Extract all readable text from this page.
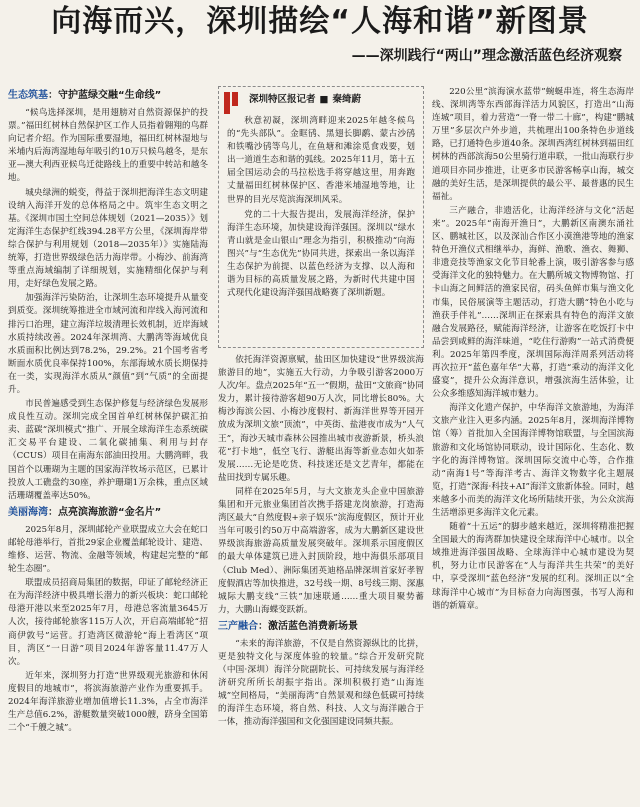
向海而兴，深圳描绘“人海和谐”新图景
——深圳践行“两山”理念激活蓝色经济观察
深圳特区报记者 ■ 秦绮蔚

秋意初凝，深圳湾畔迎来2025年越冬候鸟的“先头部队”。金眶鸻、黑翅长脚鹬、蒙古沙鸻和铁嘴沙鸻等鸟儿，在鱼塘和滩涂觅食戏要，划出一道道生态和谐的弧线。2025年11月，第十五届全国运动会的马拉松选手将穿越这里，用奔跑丈量福田红树林保护区、香港米埔湿地等地，让世界的目光尽览滨海深圳风采。

党的二十大报告提出，发展海洋经济，保护海洋生态环境，加快建设海洋强国。深圳以“绿水青山就是金山银山”理念为指引，积极推动“向海图兴”与“生态优先”协同共进，探索出一条以海洋生态保护为前提、以蓝色经济为支撑、以人海和谐为目标的高质量发展之路，为新时代共建中国式现代化建设海洋强国战略赛了深圳新题。

生态筑基：守护蓝绿交融“生命线”

“候鸟选择深圳，是用翅膀对自然资源保护的投票。”福田红树林自然保护区工作人员指着翱翔的鸟群向记者介绍。作为国际重要湿地，福田红树林湿地与米埔内后海湾湿地每年吸引约10万只候鸟越冬，是东亚—澳大利西亚候鸟迁徙路线上的重要中转站和越冬地。

城央绿洲的蜕变，得益于深圳把海洋生态文明建设纳入海洋开发的总体格局之中。筑牢生态文明之基。《深圳市国土空间总体规划（2021—2035）》划定海洋生态保护红线394.28平方公里，《深圳海岸带综合保护与利用规划（2018—2035年）》实施陆海统筹，打造世界级绿色活力海岸带。小梅沙、前海湾等重点海域编制了详细规划，实施精细化保护与利用，走好绿色发展之路。

加强海洋污染防治，让深圳生态环境提升从量变到质变。深圳统筹推进全市域河流和岸线入海河流和排污口治理，建立海洋垃圾清理长效机制，近岸海域水质持续改善。2024年深圳湾、大鹏湾等海域优良水质面积比例达到78.2%，29.2%。21个国考省考断面水质优良率保持100%，东部海域水质长期保持在一类，实现海洋水质从“颜值”到“气质”的全面提升。

市民普遍感受到生态保护修复与经济绿色发展形成良性互动。深圳完成全国首单红树林保护碳汇拍卖、蓝碳“深圳模式”推广、开展全球海洋生态系统碳汇交易平台建设、二氧化碳捕集、利用与封存（CCUS）项目在南海东部油田投用。大鹏湾畔，我国首个以珊瑚为主题的国家海洋牧场示范区，已累计投放人工礁盘约30座，养护珊瑚1万余株，重点区域活珊瑚覆盖率达50%。

美丽海湾：点亮滨海旅游“金名片”

2025年8月，深圳邮轮产业联盟成立大会在蛇口邮轮母港举行，首批29家企业覆盖邮轮设计、建造、维修、运营、物流、金融等领域，构建起完整的“邮轮生态圈”。

联盟成员招商局集团的数据，印证了邮轮经济正在为海洋经济中极具增长潜力的新兴板块：蛇口邮轮母港开港以来至2025年7月，母港总客流量3645万人次，接待邮轮旅客115万人次，开启高端邮轮“招商伊敦号”运营。打造湾区微游轮“海上看湾区”项目，湾区“一日游”项目2024年游客量11.47万人次。

近年来，深圳努力打造“世界级观光旅游和休闲度假目的地城市”，将滨海旅游产业作为重要抓手。2024年海洋旅游业增加值增长11.3%，占全市海洋生产总值6.2%，游艇数量突破1000艘，跻身全国第二个“千艘之城”。

依托海洋资源禀赋，盐田区加快建设“世界级滨海旅游目的地”，实施五大行动，力争吸引游客2000万人次/年。盘点2025年“五一”假期，盐田“文旅商”协同发力，累计接待游客超90万人次，同比增长80%。大梅沙海滨公园、小梅沙度假村、新海洋世界等开园开放成为深圳文旅“顶流”，中英街、盐港夜市成为“人气王”，海沙天城市森林公园推出城市夜游新景，桥头浪花“打卡地”，低空飞行、游艇出海等新业态如火如荼发展……无论是吃货、科技迷还是文艺青年，都能在盐田找到专属乐趣。

同样在2025年5月，与大文旅龙头企业中国旅游集团和开元旅业集团首次携手搭建龙岗旅游，打造海湾区最大“自然度假+亲子娱乐”滨海度假区，预计开业当年可吸引约50万中高端游客，成为大鹏新区建设世界级滨海旅游高质量发展突破年。深圳系示国度假区的最大单体建筑已进入封顶阶段，地中海俱乐部项目（Club Med）、洲际集团英迪格品牌深圳首家好孝智度假酒店等加快推进，32号线一期、8号线三期、深惠城际大鹏支线“三铁”加速联通……重大项目聚势蓄力，大鹏山海蝶变跃新。

三产融合：激活蓝色消费新场景

“未来的海洋旅游，不仅是自然资源纵比的比拼，更是独特文化与深度体验的较量。”综合开发研究院（中国·深圳）海洋分院副院长、可持续发展与海洋经济研究所所长胡振宇指出。深圳积极打造“山海连城”空间格局，“美丽海湾”自然景观和绿色低碳可持续的海洋生态环境，将自然、科技、人文与海洋融合于一体，推动海洋强国和文化强国建设同频共振。

220公里“滨海演水蓝带”蜿蜒串连，将生态海岸线、深圳湾等东西部海洋活力风貌区，打造出“山海连城”项目，着力营造“一脊一带二十廊”，构建“鹏城万里”多层次户外步道，共梳理出100条特色步道线路，已打通特色步道40条。深圳西湾红树林到福田红树林的西部滨海50公里骑行道串联，一批山海联行步道项目亦同步推进，让更多市民游客畅享山海，城交融的美好生活，是深圳提供的最公平、最普惠的民生福祉。

三产融合，非遗活化，让海洋经济与文化“活起来”。2025年“南海开渔日”，大鹏新区南澳东涌社区、鹏城社区，以及深汕合作区小漠渔港等地的渔家特色开渔仪式相继举办，海鲜、渔歌、渔衣、舞狮、非遗竞技等渔家文化节目轮番上演，吸引游客参与感受海洋文化的独特魅力。在大鹏所城文物博物馆、打卡山海之间鲜活的渔家民宿，码头鱼鲜市集与渔文化市集，民俗展演等主题活动，打造大鹏“特色小吃与渔获手伴礼”……深圳正在探索具有特色的海洋文旅融合发展路径，赋能海洋经济，让游客在吃饭打卡中品尝到咸鲜的海洋味道，“吃住行游购”一站式消费便利。2025年第四季度，深圳国际海洋周系列活动将再次拉开“蓝色嘉年华”大幕，打造“乘动的海洋文化盛宴”，提升公众海洋意识，增强滨海生活体验，让公众多维感知海洋城市魅力。

海洋文化遗产保护，中华海洋文旅游地，为海洋文旅产业注入更多内涵。2025年8月，深圳海洋博物馆（筹）首批加入全国海洋博物馆联盟，与全国滨海旅游和文化场馆协同联动，设计国际化、生态化、数字化的海洋博物馆。深圳国际交流中心等，合作推动“南海1号”等海洋考古、海洋文物数字化主题展览，打造“深海·科技+AI”海洋文旅新体验。同时，越来越多小而美的海洋文化场所陆续开张，为公众滨海生活增添更多海洋文化元素。

随着“十五运”的脚步越来越近，深圳将精准把握全国最大的海湾群加快建设全球海洋中心城市。以全域推进海洋强国战略、全球海洋中心城市建设为契机，努力让市民游客在“人与海洋共生共荣”的美好中，享受深圳“蓝色经济”发展的红利。深圳正以“全球海洋中心城市”为目标奋力向海图强，书写人海和谐的新篇章。
